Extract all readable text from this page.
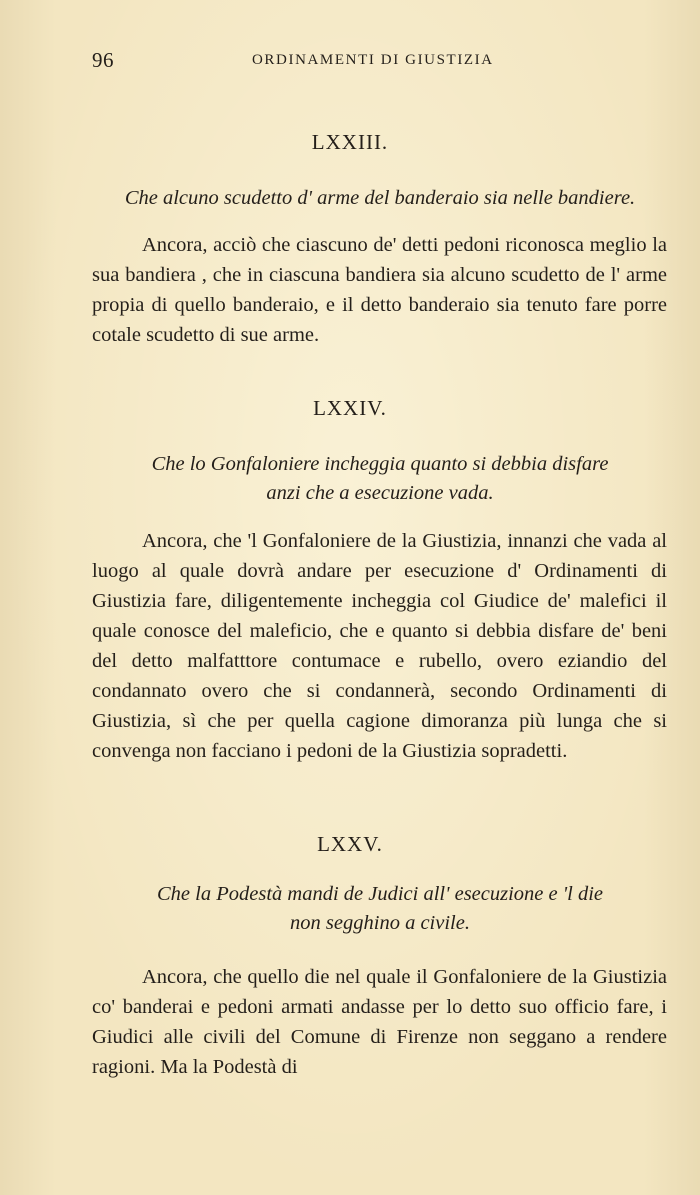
96	ORDINAMENTI DI GIUSTIZIA
LXXIII.
Che alcuno scudetto d' arme del banderaio sia nelle bandiere.

Ancora, acciò che ciascuno de' detti pedoni riconosca meglio la sua bandiera , che in ciascuna bandiera sia alcuno scudetto de l' arme propia di quello banderaio, e il detto banderaio sia tenuto fare porre cotale scudetto di sue arme.

LXXIV.
Che lo Gonfaloniere incheggia quanto si debbia disfare
anzi che a esecuzione vada.

Ancora, che 'l Gonfaloniere de la Giustizia, innanzi che vada al luogo al quale dovrà andare per esecuzione d' Ordinamenti di Giustizia fare, diligentemente incheggia col Giudice de' malefici il quale conosce del maleficio, che e quanto si debbia disfare de' beni del detto malfatttore contumace e rubello, overo eziandio del condannato overo che si condannerà, secondo Ordinamenti di Giustizia, sì che per quella cagione dimoranza più lunga che si convenga non facciano i pedoni de la Giustizia sopradetti.

LXXV.
Che la Podestà mandi de Judici all' esecuzione e 'l die
non segghino a civile.

Ancora, che quello die nel quale il Gonfaloniere de la Giustizia co' banderai e pedoni armati andasse per lo detto suo officio fare, i Giudici alle civili del Comune di Firenze non seggano a rendere ragioni. Ma la Podestà di
